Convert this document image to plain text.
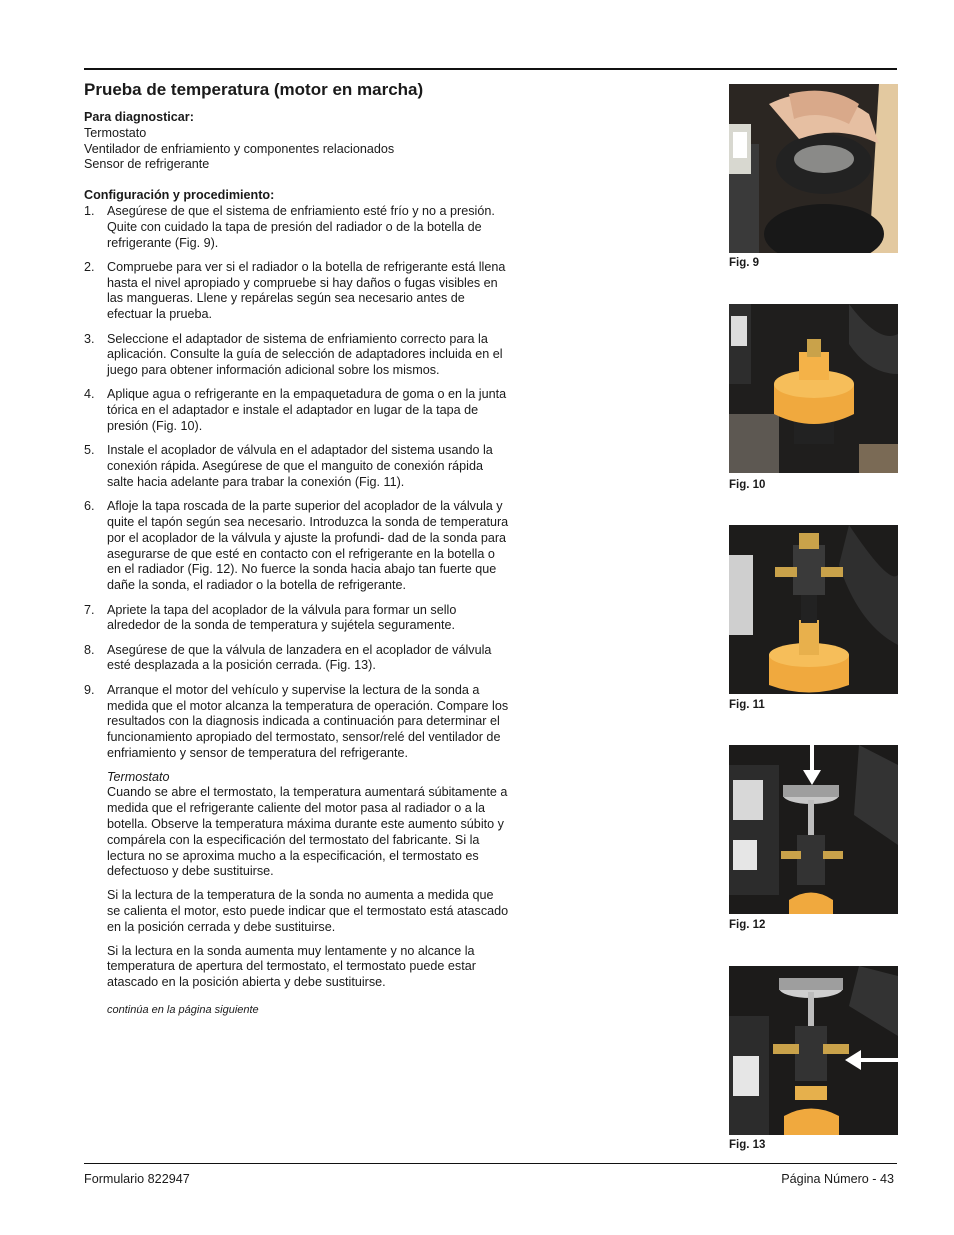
Prueba de temperatura (motor en marcha)

Para diagnosticar:

Termostato

Ventilador de enfriamiento y componentes relacionados

Sensor de refrigerante

Configuración y procedimiento:

1. Asegúrese de que el sistema de enfriamiento esté frío y no a presión. Quite con cuidado la tapa de presión del radiador o de la botella de refrigerante (Fig. 9).
2. Compruebe para ver si el radiador o la botella de refrigerante está llena hasta el nivel apropiado y compruebe si hay daños o fugas visibles en las mangueras. Llene y repárelas según sea necesario antes de efectuar la prueba.
3. Seleccione el adaptador de sistema de enfriamiento correcto para la aplicación. Consulte la guía de selección de adaptadores incluida en el juego para obtener información adicional sobre los mismos.
4. Aplique agua o refrigerante en la empaquetadura de goma o en la junta tórica en el adaptador e instale el adaptador en lugar de la tapa de presión (Fig. 10).
5. Instale el acoplador de válvula en el adaptador del sistema usando la conexión rápida. Asegúrese de que el manguito de conexión rápida salte hacia adelante para trabar la conexión (Fig. 11).
6. Afloje la tapa roscada de la parte superior del acoplador de la válvula y quite el tapón según sea necesario. Introduzca la sonda de temperatura por el acoplador de la válvula y ajuste la profundi- dad de la sonda para asegurarse de que esté en contacto con el refrigerante en la botella o en el radiador (Fig. 12). No fuerce la sonda hacia abajo tan fuerte que dañe la sonda, el radiador o la botella de refrigerante.
7. Apriete la tapa del acoplador de la válvula para formar un sello alrededor de la sonda de temperatura y sujétela seguramente.
8. Asegúrese de que la válvula de lanzadera en el acoplador de válvula esté desplazada a la posición cerrada. (Fig. 13).
9. Arranque el motor del vehículo y supervise la lectura de la sonda a medida que el motor alcanza la temperatura de operación. Compare los resultados con la diagnosis indicada a continuación para determinar el funcionamiento apropiado del termostato, sensor/relé del ventilador de enfriamiento y sensor de temperatura del refrigerante.

Termostato

Cuando se abre el termostato, la temperatura aumentará súbitamente a medida que el refrigerante caliente del motor pasa al radiador o a la botella. Observe la temperatura máxima durante este aumento súbito y compárela con la especificación del termostato del fabricante. Si la lectura no se aproxima mucho a la especificación, el termostato es defectuoso y debe sustituirse.

Si la lectura de la temperatura de la sonda no aumenta a medida que se calienta el motor, esto puede indicar que el termostato está atascado en la posición cerrada y debe sustituirse.

Si la lectura en la sonda aumenta muy lentamente y no alcance la temperatura de apertura del termostato, el termostato puede estar atascado en la posición abierta y debe sustituirse.

continúa en la página siguiente

Fig. 9
Fig. 10
Fig. 11
Fig. 12
Fig. 13
Formulario 822947	Página Número - 43
